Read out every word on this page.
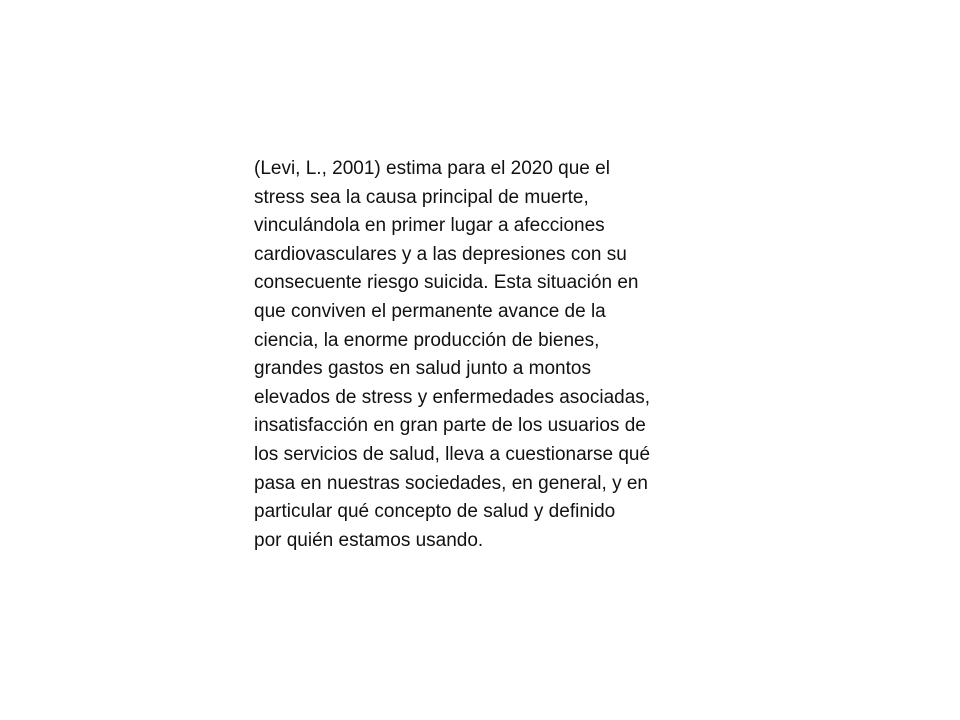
(Levi, L., 2001) estima para el 2020 que el
stress sea la causa principal de muerte,
vinculándola en primer lugar a afecciones
cardiovasculares y a las depresiones con su
consecuente riesgo suicida. Esta situación en
que conviven el permanente avance de la
ciencia, la enorme producción de bienes,
grandes gastos en salud junto a montos
elevados de stress y enfermedades asociadas,
insatisfacción en gran parte de los usuarios de
los servicios de salud, lleva a cuestionarse qué
pasa en nuestras sociedades, en general, y en
particular qué concepto de salud y definido
por quién estamos usando.
